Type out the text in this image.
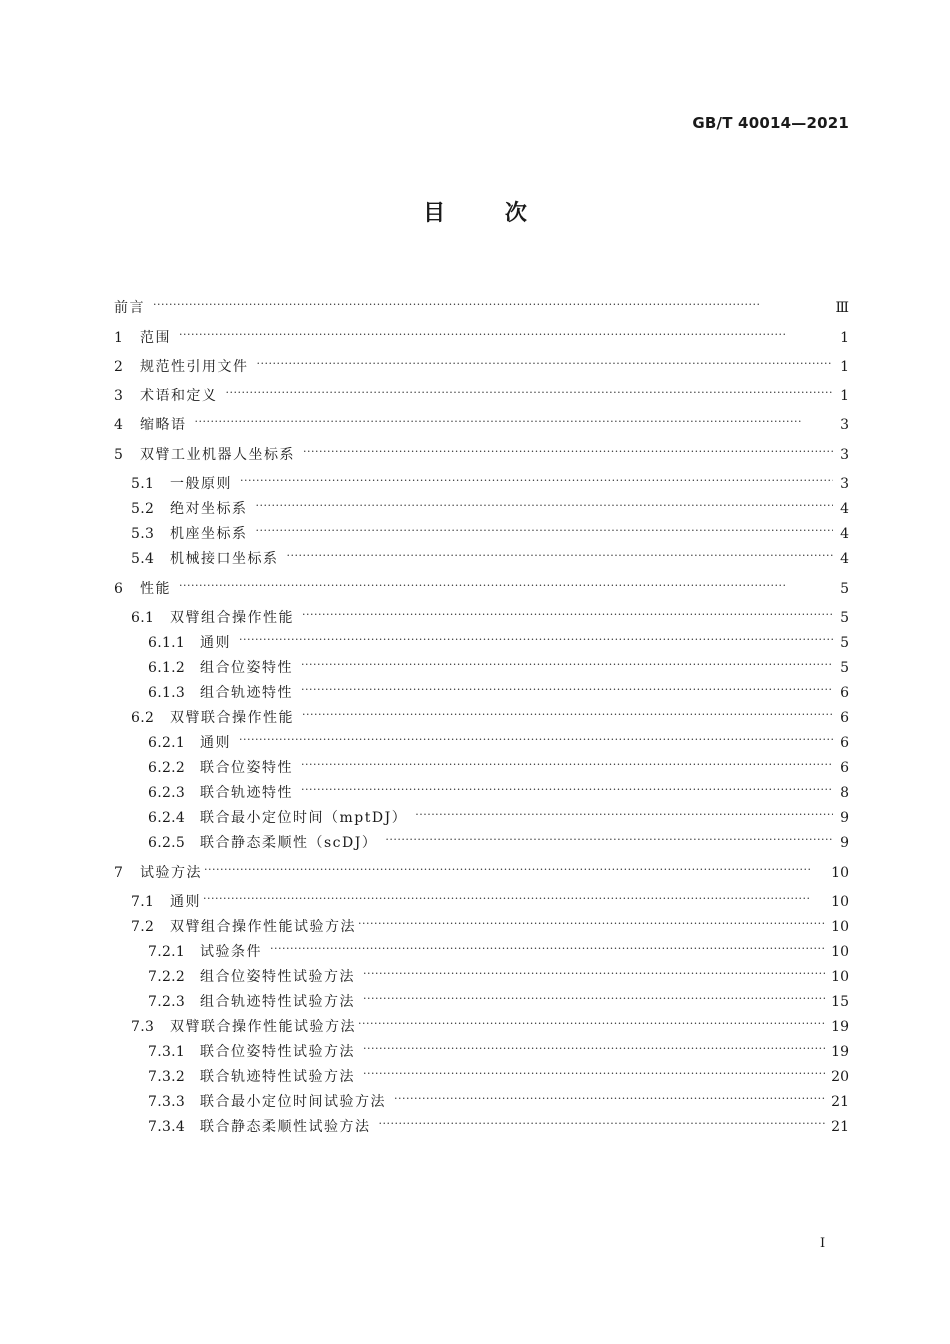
GB/T 40014—2021
目 次
前言 ·····	Ⅲ
1	范围 ·····	1
2	规范性引用文件 ·····	1
3	术语和定义 ·····	1
4	缩略语 ·····	3
5	双臂工业机器人坐标系 ·····	3
5.1	一般原则 ·····	3
5.2	绝对坐标系 ·····	4
5.3	机座坐标系 ·····	4
5.4	机械接口坐标系 ·····	4
6	性能 ·····	5
6.1	双臂组合操作性能 ·····	5
6.1.1	通则 ·····	5
6.1.2	组合位姿特性 ·····	5
6.1.3	组合轨迹特性 ·····	6
6.2	双臂联合操作性能 ·····	6
6.2.1	通则 ·····	6
6.2.2	联合位姿特性 ·····	6
6.2.3	联合轨迹特性 ·····	8
6.2.4	联合最小定位时间（mptDJ） ·····	9
6.2.5	联合静态柔顺性（scDJ） ·····	9
7	试验方法 ·····	10
7.1	通则 ·····	10
7.2	双臂组合操作性能试验方法 ·····	10
7.2.1	试验条件 ·····	10
7.2.2	组合位姿特性试验方法 ·····	10
7.2.3	组合轨迹特性试验方法 ·····	15
7.3	双臂联合操作性能试验方法 ·····	19
7.3.1	联合位姿特性试验方法 ·····	19
7.3.2	联合轨迹特性试验方法 ·····	20
7.3.3	联合最小定位时间试验方法 ·····	21
7.3.4	联合静态柔顺性试验方法 ·····	21
Ⅰ
